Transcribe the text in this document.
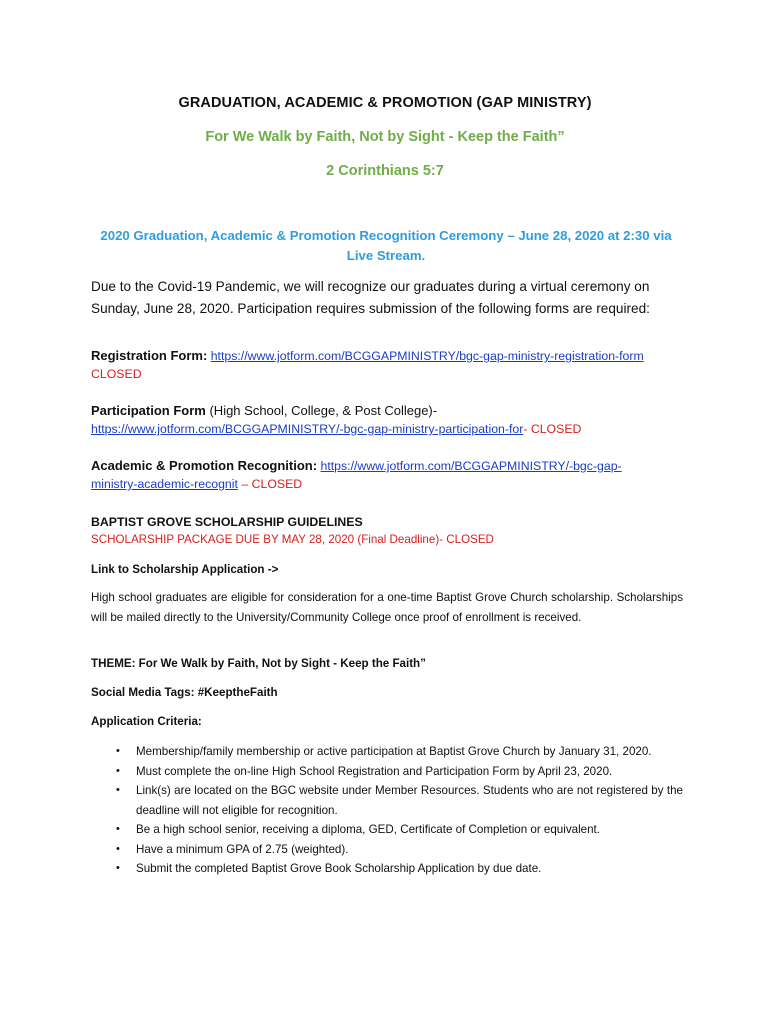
GRADUATION, ACADEMIC & PROMOTION (GAP MINISTRY)
For We Walk by Faith, Not by Sight - Keep the Faith”
2 Corinthians 5:7
2020 Graduation, Academic & Promotion Recognition Ceremony – June 28, 2020 at 2:30 via
Live Stream.
Due to the Covid-19 Pandemic, we will recognize our graduates during a virtual ceremony on Sunday, June 28, 2020. Participation requires submission of the following forms are required:
Registration Form: https://www.jotform.com/BCGGAPMINISTRY/bgc-gap-ministry-registration-form
CLOSED
Participation Form (High School, College, & Post College)-
https://www.jotform.com/BCGGAPMINISTRY/-bgc-gap-ministry-participation-for- CLOSED
Academic & Promotion Recognition: https://www.jotform.com/BCGGAPMINISTRY/-bgc-gap-
ministry-academic-recognit – CLOSED
BAPTIST GROVE SCHOLARSHIP GUIDELINES
SCHOLARSHIP PACKAGE DUE BY MAY 28, 2020 (Final Deadline)- CLOSED
Link to Scholarship Application ->
High school graduates are eligible for consideration for a one-time Baptist Grove Church scholarship. Scholarships will be mailed directly to the University/Community College once proof of enrollment is received.
THEME: For We Walk by Faith, Not by Sight - Keep the Faith”
Social Media Tags: #KeeptheFaith
Application Criteria:
• Membership/family membership or active participation at Baptist Grove Church by January 31, 2020.
• Must complete the on-line High School Registration and Participation Form by April 23, 2020.
• Link(s) are located on the BGC website under Member Resources. Students who are not registered by the deadline will not eligible for recognition.
• Be a high school senior, receiving a diploma, GED, Certificate of Completion or equivalent.
• Have a minimum GPA of 2.75 (weighted).
• Submit the completed Baptist Grove Book Scholarship Application by due date.
